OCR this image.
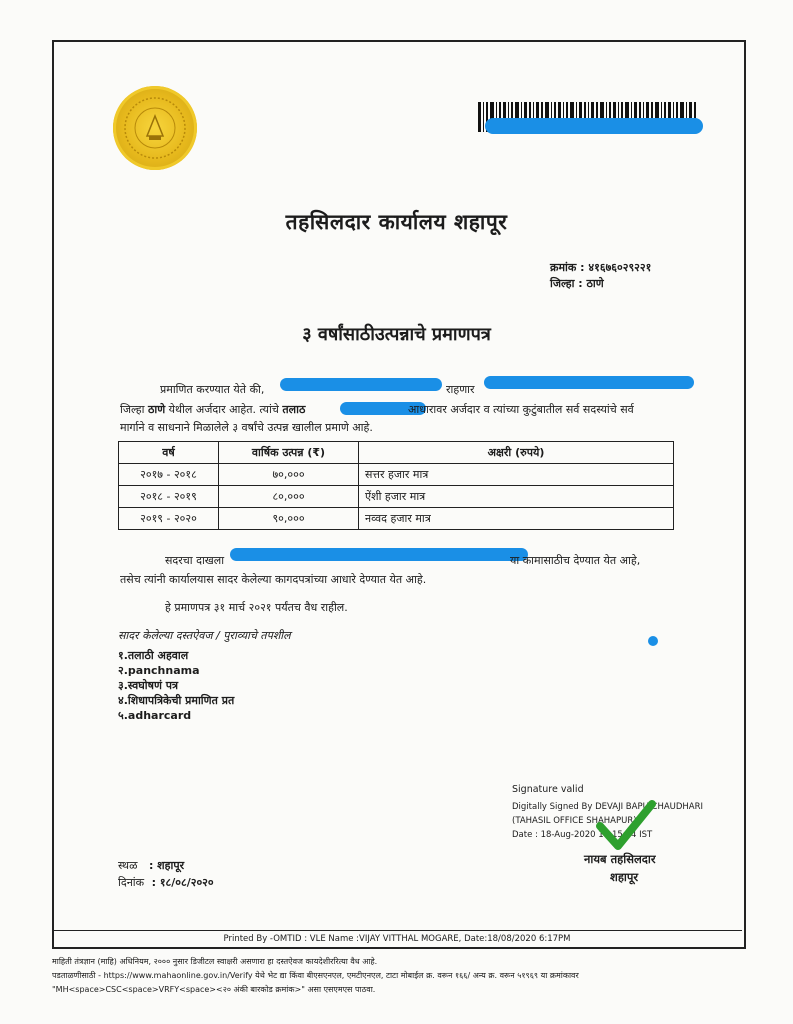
तहसिलदार कार्यालय शहापूर
क्रमांक : ४१६७६०२९२२१
जिल्हा : ठाणे
३ वर्षांसाठीउत्पन्नाचे प्रमाणपत्र
प्रमाणित करण्यात येते की,	राहणार
जिल्हा ठाणे येथील अर्जदार आहेत. त्यांचे तलाठ	आधारावर अर्जदार व त्यांच्या कुटुंबातील सर्व सदस्यांचे सर्व
मार्गाने व साधनाने मिळालेले ३ वर्षांचे उत्पन्न खालील प्रमाणे आहे.
वर्ष	वार्षिक उत्पन्न (₹)	अक्षरी (रुपये)
२०१७ - २०१८	७०,०००	सत्तर हजार मात्र
२०१८ - २०१९	८०,०००	ऐंशी हजार मात्र
२०१९ - २०२०	९०,०००	नव्वद हजार मात्र
सदरचा दाखला	या कामासाठीच देण्यात येत आहे,
तसेच त्यांनी कार्यालयास सादर केलेल्या कागदपत्रांच्या आधारे देण्यात येत आहे.
हे प्रमाणपत्र ३१ मार्च २०२१ पर्यंतच वैध राहील.
सादर केलेल्या दस्तऐवज / पुराव्याचे तपशील
१.तलाठी अहवाल
२.panchnama
३.स्वघोषणं पत्र
४.शिधापत्रिकेची प्रमाणित प्रत
५.adharcard
Signature valid
Digitally Signed By DEVAJI BAPU CHAUDHARI
(TAHASIL OFFICE SHAHAPUR)
Date : 18-Aug-2020 18:15:24 IST
नायब तहसिलदार
शहापूर
स्थळ : शहापूर
दिनांक : १८/०८/२०२०
Printed By -OMTID : VLE Name :VIJAY VITTHAL MOGARE, Date:18/08/2020 6:17PM
माहिती तंत्रज्ञान (माहि) अधिनियम, २००० नुसार डिजीटल स्वाक्षरी असणारा हा दस्तऐवज कायदेशीररित्या वैध आहे.
पडताळणीसाठी - https://www.mahaonline.gov.in/Verify येथे भेट द्या किंवा बीएसएनएल, एमटीएनएल, टाटा मोबाईल क्र. वरून १६६/ अन्य क्र. वरून ५१९६९ या क्रमांकावर
"MH<space>CSC<space>VRFY<space><२० अंकी बारकोड क्रमांक>" असा एसएमएस पाठवा.
